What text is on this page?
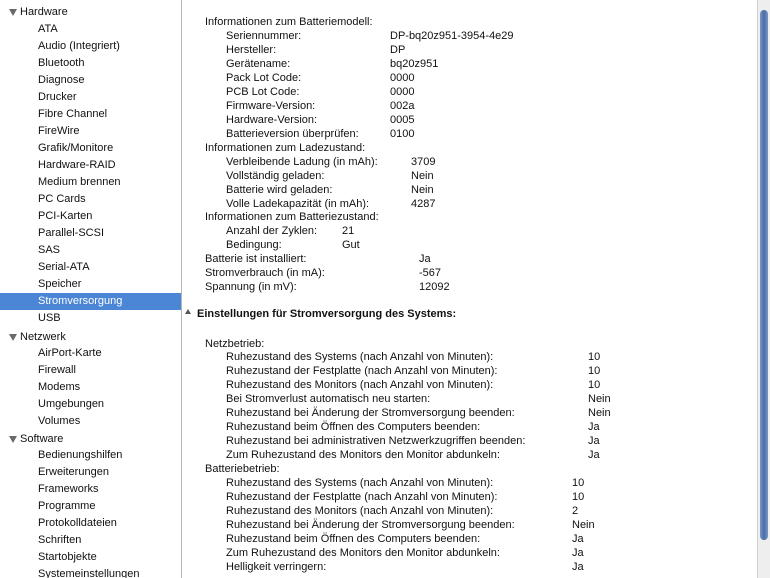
Hardware
ATA
Audio (Integriert)
Bluetooth
Diagnose
Drucker
Fibre Channel
FireWire
Grafik/Monitore
Hardware-RAID
Medium brennen
PC Cards
PCI-Karten
Parallel-SCSI
SAS
Serial-ATA
Speicher
Stromversorgung
USB
Netzwerk
AirPort-Karte
Firewall
Modems
Umgebungen
Volumes
Software
Bedienungshilfen
Erweiterungen
Frameworks
Programme
Protokolldateien
Schriften
Startobjekte
Systemeinstellungen
Informationen zum Batteriemodell:
Seriennummer:	DP-bq20z951-3954-4e29
Hersteller:	DP
Gerätename:	bq20z951
Pack Lot Code:	0000
PCB Lot Code:	0000
Firmware-Version:	002a
Hardware-Version:	0005
Batterieversion überprüfen:	0100
Informationen zum Ladezustand:
Verbleibende Ladung (in mAh):	3709
Vollständig geladen:	Nein
Batterie wird geladen:	Nein
Volle Ladekapazität (in mAh):	4287
Informationen zum Batteriezustand:
Anzahl der Zyklen: 21
Bedingung:	Gut
Batterie ist installiert:	Ja
Stromverbrauch (in mA):	-567
Spannung (in mV):	12092
Einstellungen für Stromversorgung des Systems:
Netzbetrieb:
Ruhezustand des Systems (nach Anzahl von Minuten):	10
Ruhezustand der Festplatte (nach Anzahl von Minuten):	10
Ruhezustand des Monitors (nach Anzahl von Minuten):	10
Bei Stromverlust automatisch neu starten:	Nein
Ruhezustand bei Änderung der Stromversorgung beenden:	Nein
Ruhezustand beim Öffnen des Computers beenden:	Ja
Ruhezustand bei administrativen Netzwerkzugriffen beenden:	Ja
Zum Ruhezustand des Monitors den Monitor abdunkeln:	Ja
Batteriebetrieb:
Ruhezustand des Systems (nach Anzahl von Minuten):	10
Ruhezustand der Festplatte (nach Anzahl von Minuten):	10
Ruhezustand des Monitors (nach Anzahl von Minuten):	2
Ruhezustand bei Änderung der Stromversorgung beenden:	Nein
Ruhezustand beim Öffnen des Computers beenden:	Ja
Zum Ruhezustand des Monitors den Monitor abdunkeln:	Ja
Helligkeit verringern:	Ja
